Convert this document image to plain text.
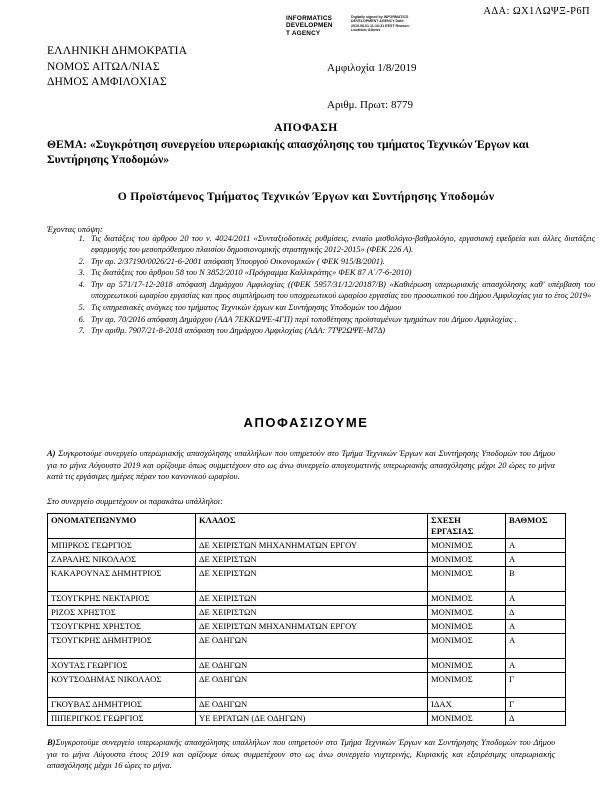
ΑΔΑ: ΩΧ1ΛΩΨΞ-Ρ6Π
INFORMATICS
DEVELOPMEN
T AGENCY
Digitally signed by INFORMATICS DEVELOPMENT AGENCY Date: 2019.08.01 11:16:31 EEST Reason: Location: Athens
ΕΛΛΗΝΙΚΗ ΔΗΜΟΚΡΑΤΙΑ
ΝΟΜΟΣ ΑΙΤΩΛ/ΝΙΑΣ
ΔΗΜΟΣ ΑΜΦΙΛΟΧΙΑΣ
Αμφιλοχία 1/8/2019
Αριθμ. Πρωτ: 8779
ΑΠΟΦΑΣΗ
ΘΕΜΑ: «Συγκρότηση συνεργείου υπερωριακής απασχόλησης του τμήματος Τεχνικών Έργων και Συντήρησης Υποδομών»
Ο Προϊστάμενος Τμήματος Τεχνικών Έργων και Συντήρησης Υποδομών
Έχοντας υπόψη:
1. Τις διατάξεις του άρθρου 20 του ν. 4024/2011 «Συνταξιοδοτικές ρυθμίσεις, ενιαίο μισθολόγιο-βαθμολόγιο, εργασιακή εφεδρεία και άλλες διατάξεις εφαρμογής του μεσοπρόθεσμου πλαισίου δημοσιονομικής στρατηγικής 2012-2015» (ΦΕΚ 226 Α).
2. Την αρ. 2/37190/0026/21-6-2001 απόφαση Υπουργού Οικονομικών ( ΦΕΚ 915/Β/2001).
3. Τις διατάξεις του άρθρου 58 του Ν 3852/2010 «Πρόγραμμα Καλλικράτης» ΦΕΚ 87 Α΄/7-6-2010)
4. Την αρ 571/17-12-2018 απόφαση Δημάρχου Αμφιλοχίας ((ΦΕΚ 5957/31/12/20187/Β) «Καθιέρωση υπερωριακής απασχόλησης καθ' υπέρβαση του υποχρεωτικού ωραρίου εργασίας και προς συμπλήρωση του υποχρεωτικού ωραρίου εργασίας του προσωπικού του Δήμου Αμφιλοχίας για το έτος 2019»
5. Τις υπηρεσιακές ανάγκες του τμήματος Τεχνικών έργων και Συντήρησης Υποδομών του Δήμου
6. Την αρ. 70/2016 απόφαση Δημάρχου (ΑΔΑ 7ΕΚΚΩΨΕ-4ΓΠ) περί τοποθέτησης προϊσταμένων τμημάτων του Δήμου Αμφιλοχίας .
7. Την αριθμ. 7907/21-8-2018 απόφαση του Δημάρχου Αμφιλοχίας (ΑΔΑ: 7ΤΨ2ΩΨΕ-Μ7Δ)
ΑΠΟΦΑΣΙΖΟΥΜΕ
Α) Συγκροτούμε συνεργείο υπερωριακής απασχόλησης υπαλλήλων που υπηρετούν στο Τμήμα Τεχνικών Έργων και Συντήρησης Υποδομών του Δήμου για το μήνα Αύγουστο 2019 και ορίζουμε όπως συμμετέχουν στο ως άνω συνεργείο απογευματινής υπερωριακής απασχόλησης μέχρι 20 ώρες το μήνα κατά τις εργάσιμες ημέρες πέραν του κανονικού ωραρίου.
Στο συνεργείο συμμετέχουν οι παρακάτω υπάλληλοι:
ΟΝΟΜΑΤΕΠΩΝΥΜΟ	ΚΛΑΔΟΣ	ΣΧΕΣΗ ΕΡΓΑΣΙΑΣ	ΒΑΘΜΟΣ
ΜΠΙΡΚΟΣ ΓΕΩΡΓΙΟΣ	ΔΕ ΧΕΙΡΙΣΤΩΝ ΜΗΧΑΝΗΜΑΤΩΝ ΕΡΓΟΥ	ΜΟΝΙΜΟΣ	Α
ΖΑΡΑΛΗΣ ΝΙΚΟΛΑΟΣ	ΔΕ ΧΕΙΡΙΣΤΩΝ	ΜΟΝΙΜΟΣ	Α
ΚΑΚΑΡΟΥΝΑΣ ΔΗΜΗΤΡΙΟΣ	ΔΕ ΧΕΙΡΙΣΤΩΝ	ΜΟΝΙΜΟΣ	Β
ΤΣΟΥΓΚΡΗΣ ΝΕΚΤΑΡΙΟΣ	ΔΕ ΧΕΙΡΙΣΤΩΝ	ΜΟΝΙΜΟΣ	Α
ΡΙΖΟΣ ΧΡΗΣΤΟΣ	ΔΕ ΧΕΙΡΙΣΤΩΝ	ΜΟΝΙΜΟΣ	Δ
ΤΣΟΥΓΚΡΗΣ ΧΡΗΣΤΟΣ	ΔΕ ΧΕΙΡΙΣΤΩΝ ΜΗΧΑΝΗΜΑΤΩΝ ΕΡΓΟΥ	ΜΟΝΙΜΟΣ	Α
ΤΣΟΥΓΚΡΗΣ ΔΗΜΗΤΡΙΟΣ	ΔΕ ΟΔΗΓΩΝ	ΜΟΝΙΜΟΣ	Α
ΧΟΥΤΑΣ ΓΕΩΡΓΙΟΣ	ΔΕ ΟΔΗΓΩΝ	ΜΟΝΙΜΟΣ	Α
ΚΟΥΤΣΟΔΗΜΑΣ ΝΙΚΟΛΑΟΣ	ΔΕ ΟΔΗΓΩΝ	ΜΟΝΙΜΟΣ	Γ
ΓΚΟΥΒΑΣ ΔΗΜΗΤΡΙΟΣ	ΔΕ ΟΔΗΓΩΝ	ΙΔΑΧ	Γ
ΠΙΠΕΡΙΓΚΟΣ ΓΕΩΡΓΙΟΣ	ΥΕ ΕΡΓΑΤΩΝ (ΔΕ ΟΔΗΓΩΝ)	ΜΟΝΙΜΟΣ	Δ
Β)Συγκροτούμε συνεργείο υπερωριακής απασχόλησης υπαλλήλων που υπηρετούν στο Τμήμα Τεχνικών Έργων και Συντήρησης Υποδομών του Δήμου για το μήνα Αύγουστο έτους 2019 και ορίζουμε όπως συμμετέχουν στο ως άνω συνεργείο νυχτερινής, Κυριακής και εξαιρέσιμης υπερωριακής απασχόλησης μέχρι 16 ώρες το μήνα.
